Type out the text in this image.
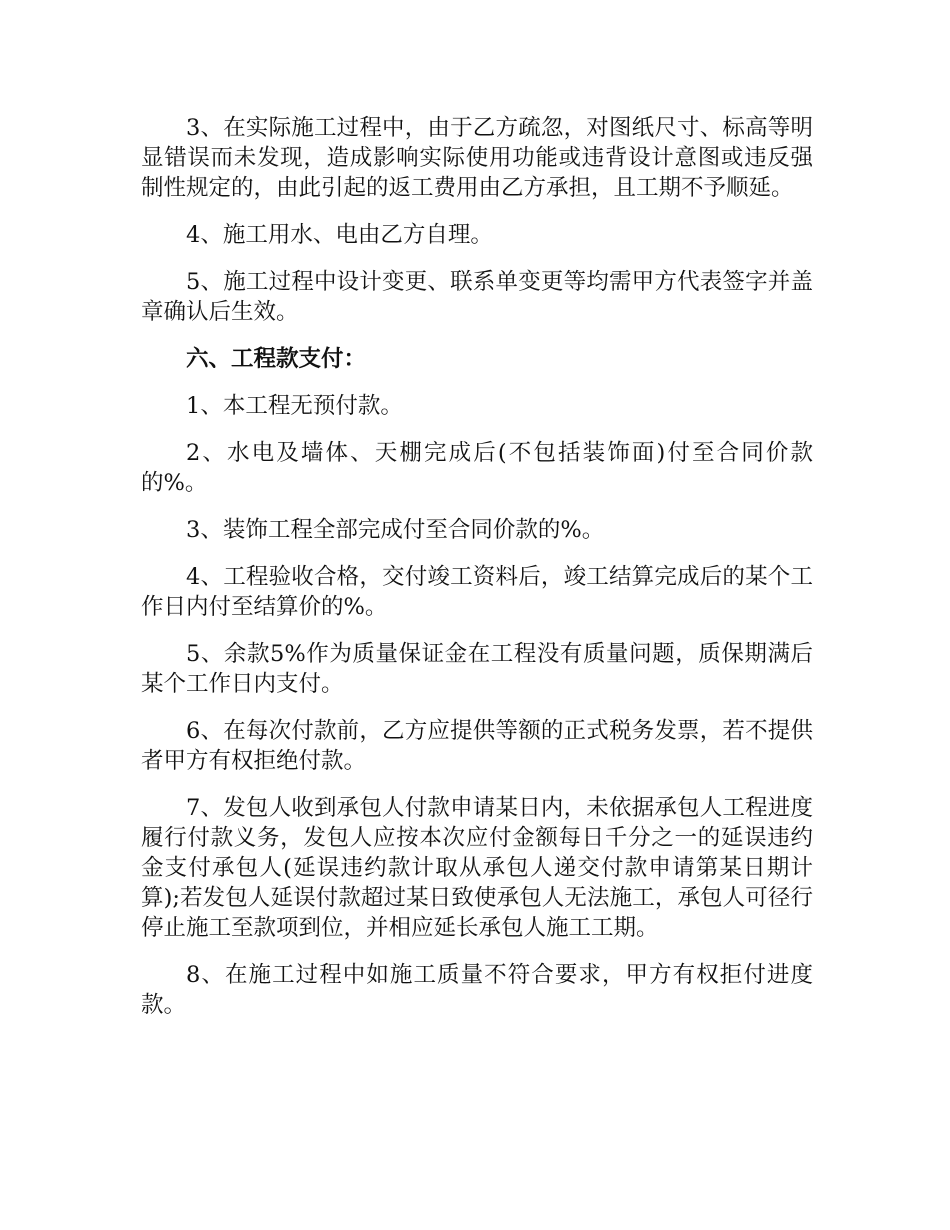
3、在实际施工过程中，由于乙方疏忽，对图纸尺寸、标高等明显错误而未发现，造成影响实际使用功能或违背设计意图或违反强制性规定的，由此引起的返工费用由乙方承担，且工期不予顺延。

4、施工用水、电由乙方自理。

5、施工过程中设计变更、联系单变更等均需甲方代表签字并盖章确认后生效。

六、工程款支付：

1、本工程无预付款。

2、水电及墙体、天棚完成后(不包括装饰面)付至合同价款的%。

3、装饰工程全部完成付至合同价款的%。

4、工程验收合格，交付竣工资料后，竣工结算完成后的某个工作日内付至结算价的%。

5、余款5%作为质量保证金在工程没有质量问题，质保期满后某个工作日内支付。

6、在每次付款前，乙方应提供等额的正式税务发票，若不提供者甲方有权拒绝付款。

7、发包人收到承包人付款申请某日内，未依据承包人工程进度履行付款义务，发包人应按本次应付金额每日千分之一的延误违约金支付承包人(延误违约款计取从承包人递交付款申请第某日期计算);若发包人延误付款超过某日致使承包人无法施工，承包人可径行停止施工至款项到位，并相应延长承包人施工工期。

8、在施工过程中如施工质量不符合要求，甲方有权拒付进度款。
